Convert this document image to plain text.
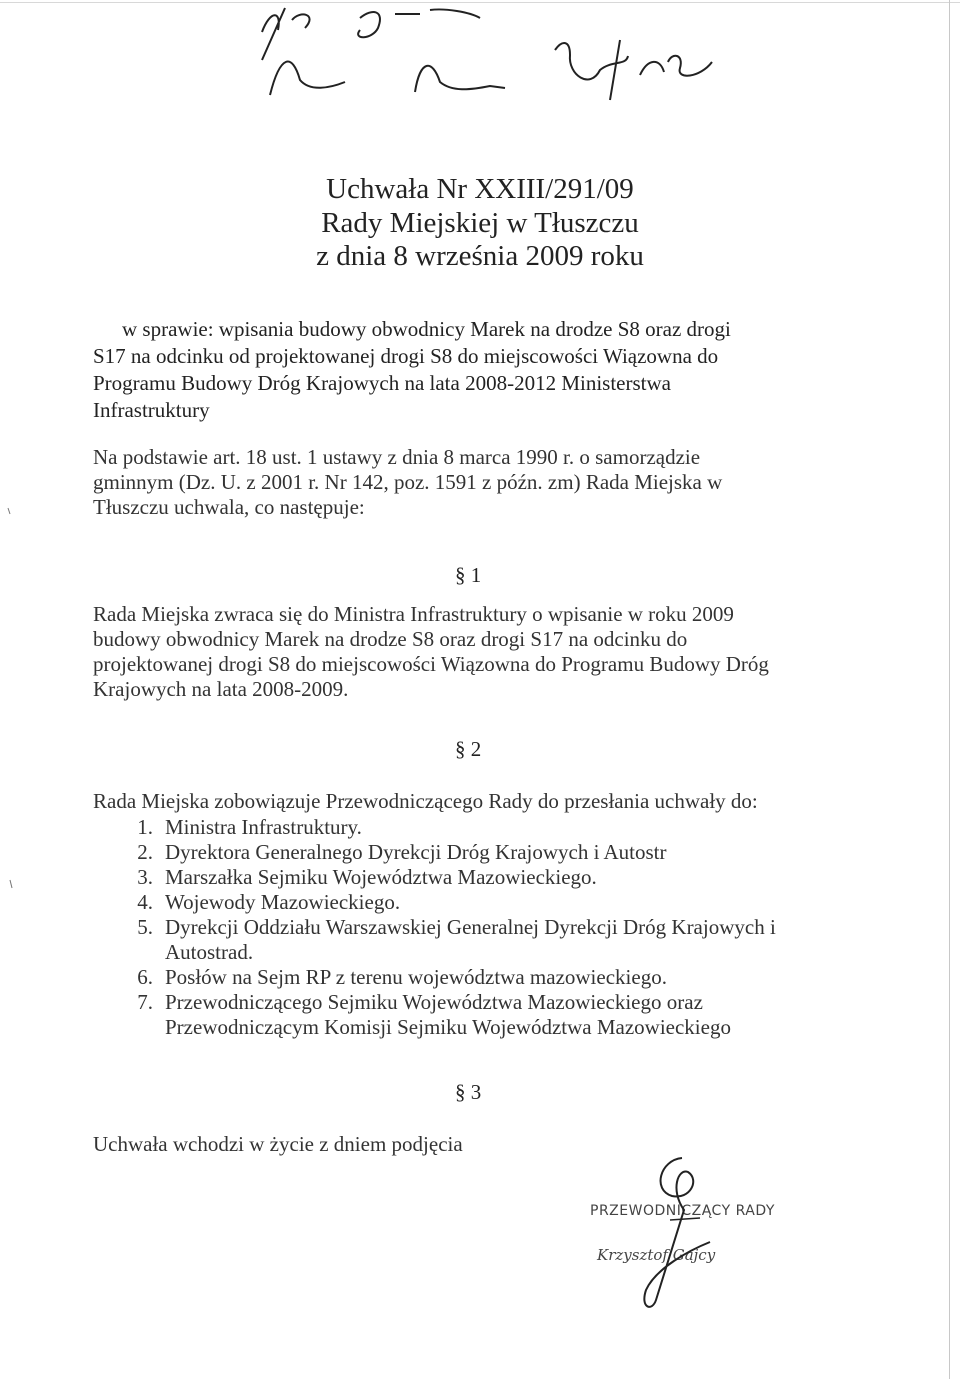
Uchwała Nr XXIII/291/09
Rady Miejskiej w Tłuszczu
z dnia 8 września 2009 roku
w sprawie: wpisania budowy obwodnicy Marek na drodze S8 oraz drogi
S17 na odcinku od projektowanej drogi S8 do miejscowości Wiązowna do
Programu Budowy Dróg Krajowych na lata 2008-2012 Ministerstwa
Infrastruktury
Na podstawie art. 18 ust. 1 ustawy z dnia 8 marca 1990 r. o samorządzie
gminnym (Dz. U. z 2001 r. Nr 142, poz. 1591 z późn. zm) Rada Miejska w
Tłuszczu uchwala, co następuje:
§ 1
Rada Miejska zwraca się do Ministra Infrastruktury o wpisanie w roku 2009
budowy obwodnicy Marek na drodze S8 oraz drogi S17 na odcinku do
projektowanej drogi S8 do miejscowości Wiązowna do Programu Budowy Dróg
Krajowych na lata 2008-2009.
§ 2
Rada Miejska zobowiązuje Przewodniczącego Rady do przesłania uchwały do:
1. Ministra Infrastruktury.
2. Dyrektora Generalnego Dyrekcji Dróg Krajowych i Autostr
3. Marszałka Sejmiku Województwa Mazowieckiego.
4. Wojewody Mazowieckiego.
5. Dyrekcji Oddziału Warszawskiej Generalnej Dyrekcji Dróg Krajowych i
Autostrad.
6. Posłów na Sejm RP z terenu województwa mazowieckiego.
7. Przewodniczącego Sejmiku Województwa Mazowieckiego oraz
Przewodniczącym Komisji Sejmiku Województwa Mazowieckiego
§ 3
Uchwała wchodzi w życie z dniem podjęcia
PRZEWODNICZĄCY RADY
Krzysztof Gajcy
